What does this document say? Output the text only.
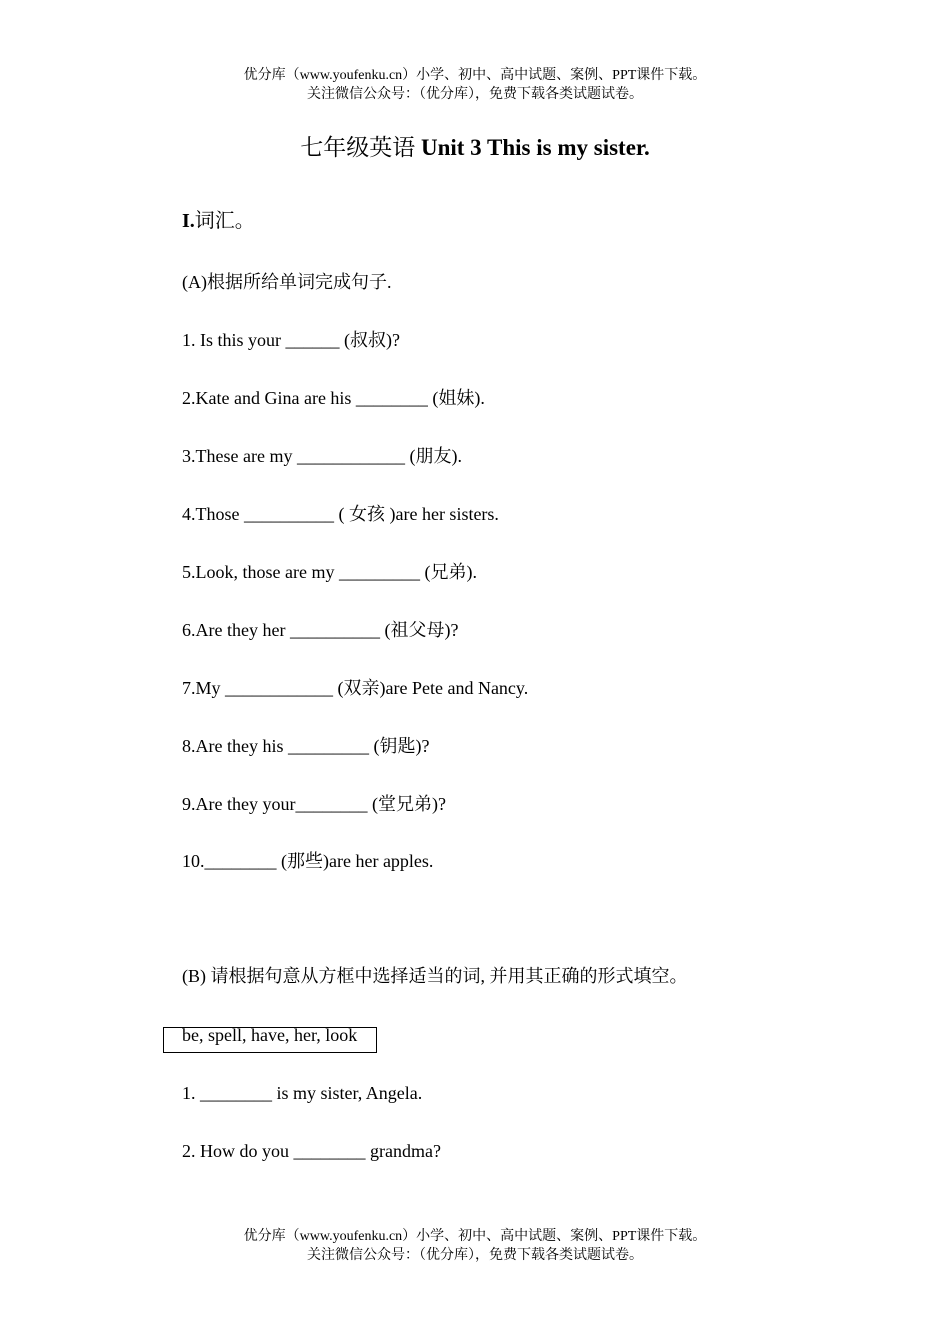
优分库（www.youfenku.cn）小学、初中、高中试题、案例、PPT课件下载。
关注微信公众号：（优分库），免费下载各类试题试卷。
七年级英语 Unit 3 This is my sister.
I.词汇。
(A)根据所给单词完成句子.
1. Is this your ______ (叔叔)?
2.Kate and Gina are his ________ (姐妹).
3.These are my ____________ (朋友).
4.Those __________ ( 女孩 )are her sisters.
5.Look, those are my _________ (兄弟).
6.Are they her __________ (祖父母)?
7.My ____________ (双亲)are Pete and Nancy.
8.Are they his _________ (钥匙)?
9.Are they your________ (堂兄弟)?
10.________ (那些)are her apples.
(B) 请根据句意从方框中选择适当的词, 并用其正确的形式填空。
be, spell, have, her, look
1. ________ is my sister, Angela.
2. How do you ________ grandma?
优分库（www.youfenku.cn）小学、初中、高中试题、案例、PPT课件下载。
关注微信公众号：（优分库），免费下载各类试题试卷。
